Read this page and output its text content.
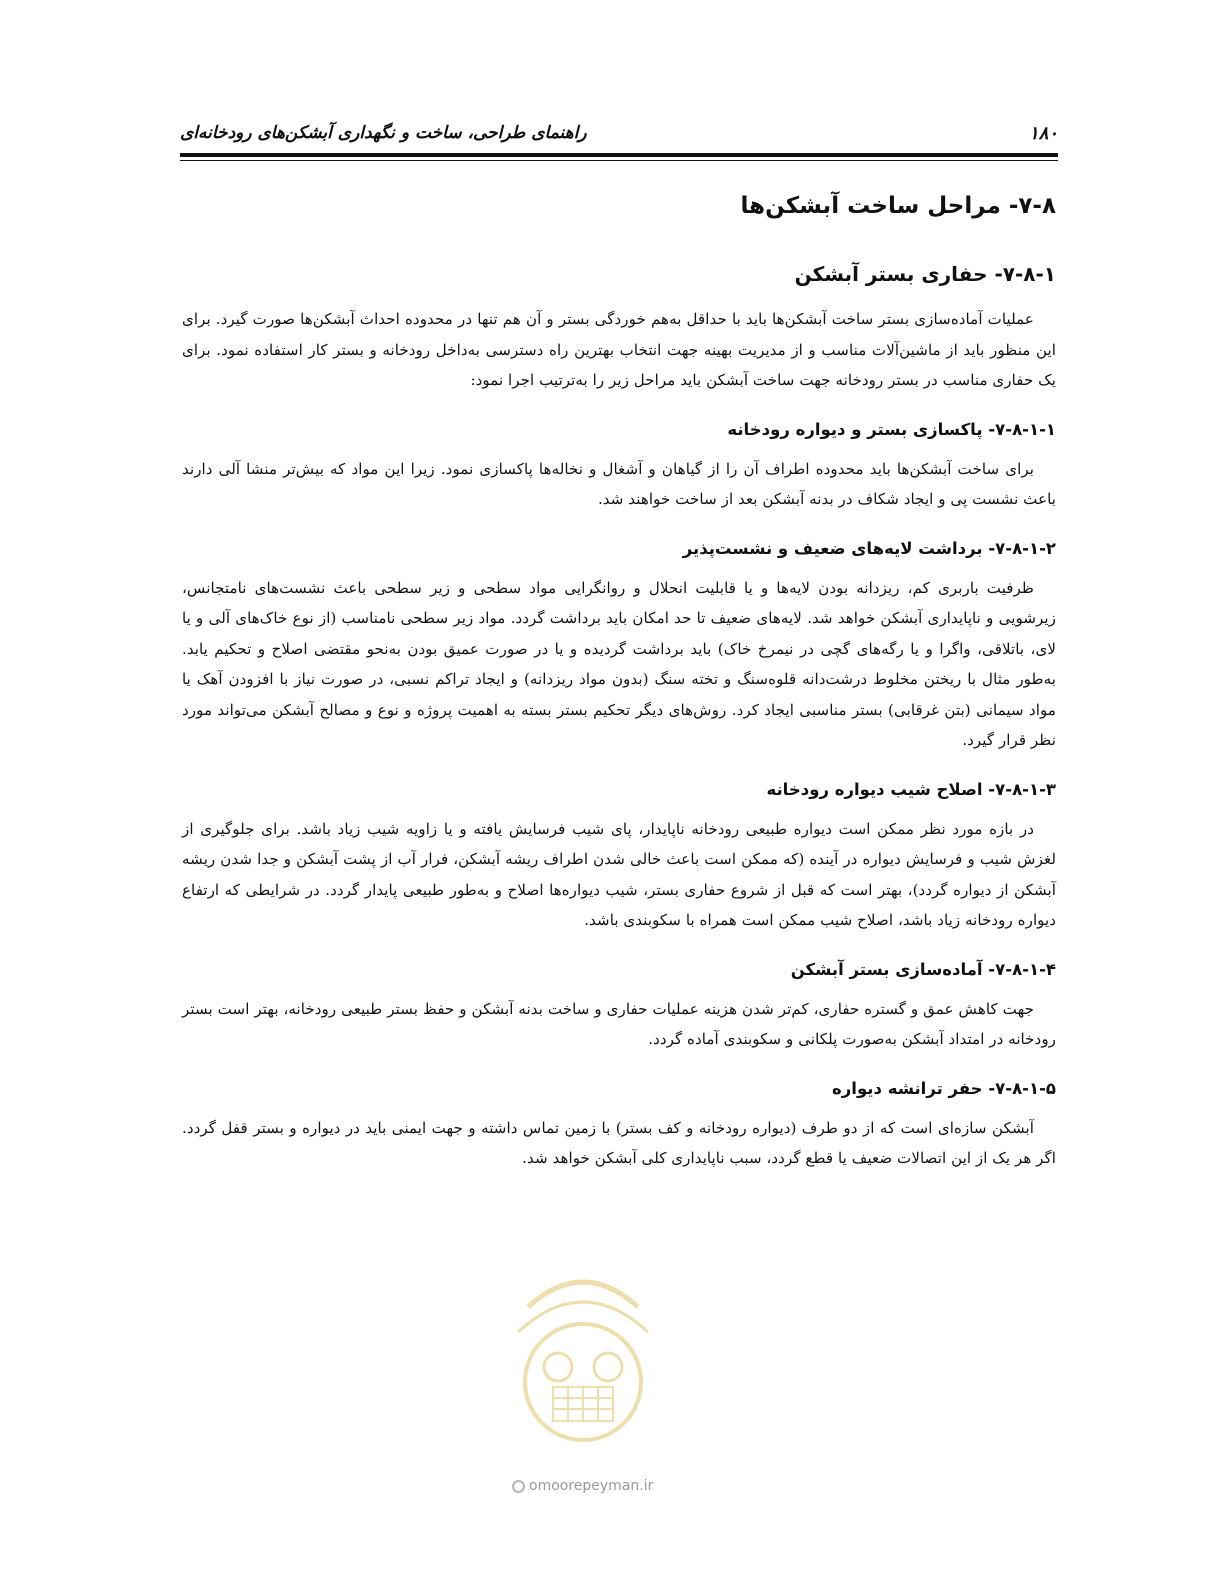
۱۸۰
راهنمای طراحی، ساخت و نگهداری آبشکن‌های رودخانه‌ای
۷-۸- مراحل ساخت آبشکن‌ها
۷-۸-۱- حفاری بستر آبشکن

عملیات آماده‌سازی بستر ساخت آبشکن‌ها باید با حداقل به‌هم خوردگی بستر و آن هم تنها در محدوده احداث آبشکن‌ها صورت گیرد. برای این منظور باید از ماشین‌آلات مناسب و از مدیریت بهینه جهت انتخاب بهترین راه دسترسی به‌داخل رودخانه و بستر کار استفاده نمود. برای یک حفاری مناسب در بستر رودخانه جهت ساخت آبشکن باید مراحل زیر را به‌ترتیب اجرا نمود:

۷-۸-۱-۱- پاکسازی بستر و دیواره رودخانه

برای ساخت آبشکن‌ها باید محدوده اطراف آن را از گیاهان و آشغال و نخاله‌ها پاکسازی نمود. زیرا این مواد که بیش‌تر منشا آلی دارند باعث نشست پی و ایجاد شکاف در بدنه آبشکن بعد از ساخت خواهند شد.

۷-۸-۱-۲- برداشت لایه‌های ضعیف و نشست‌پذیر

ظرفیت باربری کم، ریزدانه بودن لایه‌ها و یا قابلیت انحلال و روانگرایی مواد سطحی و زیر سطحی باعث نشست‌های نامتجانس، زیرشویی و ناپایداری آبشکن خواهد شد. لایه‌های ضعیف تا حد امکان باید برداشت گردد. مواد زیر سطحی نامناسب (از نوع خاک‌های آلی و یا لای، باتلاقی، واگرا و یا رگه‌های گچی در نیمرخ خاک) باید برداشت گردیده و یا در صورت عمیق بودن به‌نحو مقتضی اصلاح و تحکیم یابد. به‌طور مثال با ریختن مخلوط درشت‌دانه قلوه‌سنگ و تخته سنگ (بدون مواد ریزدانه) و ایجاد تراکم نسبی، در صورت نیاز با افزودن آهک یا مواد سیمانی (بتن غرقابی) بستر مناسبی ایجاد کرد. روش‌های دیگر تحکیم بستر بسته به اهمیت پروژه و نوع و مصالح آبشکن می‌تواند مورد نظر قرار گیرد.

۷-۸-۱-۳- اصلاح شیب دیواره رودخانه

در بازه مورد نظر ممکن است دیواره طبیعی رودخانه ناپایدار، پای شیب فرسایش یافته و یا زاویه شیب زیاد باشد. برای جلوگیری از لغزش شیب و فرسایش دیواره در آینده (که ممکن است باعث خالی شدن اطراف ریشه آبشکن، فرار آب از پشت آبشکن و جدا شدن ریشه آبشکن از دیواره گردد)، بهتر است که قبل از شروع حفاری بستر، شیب دیواره‌ها اصلاح و به‌طور طبیعی پایدار گردد. در شرایطی که ارتفاع دیواره رودخانه زیاد باشد، اصلاح شیب ممکن است همراه با سکوبندی باشد.

۷-۸-۱-۴- آماده‌سازی بستر آبشکن

جهت کاهش عمق و گستره حفاری، کم‌تر شدن هزینه عملیات حفاری و ساخت بدنه آبشکن و حفظ بستر طبیعی رودخانه، بهتر است بستر رودخانه در امتداد آبشکن به‌صورت پلکانی و سکوبندی آماده گردد.

۷-۸-۱-۵- حفر ترانشه دیواره

آبشکن سازه‌ای است که از دو طرف (دیواره رودخانه و کف بستر) با زمین تماس داشته و جهت ایمنی باید در دیواره و بستر قفل گردد. اگر هر یک از این اتصالات ضعیف یا قطع گردد، سبب ناپایداری کلی آبشکن خواهد شد.

omoorepeyman.ir
